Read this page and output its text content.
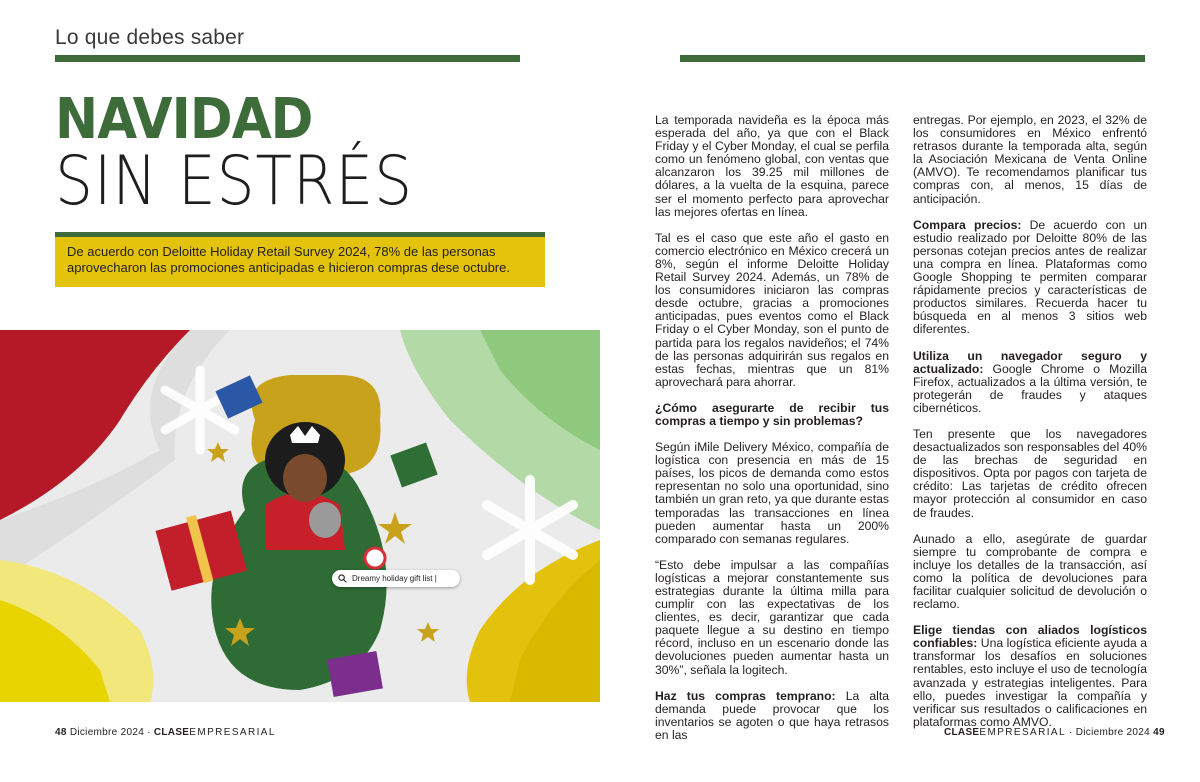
Lo que debes saber
NAVIDAD
SIN ESTRÉS
De acuerdo con Deloitte Holiday Retail Survey 2024, 78% de las personas aprovecharon las promociones anticipadas e hicieron compras dese octubre.
Dreamy holiday gift list |

La temporada navideña es la época más esperada del año, ya que con el Black Friday y el Cyber Monday, el cual se perfila como un fenómeno global, con ventas que alcanzaron los 39.25 mil millones de dólares, a la vuelta de la esquina, parece ser el momento perfecto para aprovechar las mejores ofertas en línea.

Tal es el caso que este año el gasto en comercio electrónico en México crecerá un 8%, según el informe Deloitte Holiday Retail Survey 2024. Además, un 78% de los consumidores iniciaron las compras desde octubre, gracias a promociones anticipadas, pues eventos como el Black Friday o el Cyber Monday, son el punto de partida para los regalos navideños; el 74% de las personas adquirirán sus regalos en estas fechas, mientras que un 81% aprovechará para ahorrar.

¿Cómo asegurarte de recibir tus compras a tiempo y sin problemas?

Según iMile Delivery México, compañía de logística con presencia en más de 15 países, los picos de demanda como estos representan no solo una oportunidad, sino también un gran reto, ya que durante estas temporadas las transacciones en línea pueden aumentar hasta un 200% comparado con semanas regulares.

“Esto debe impulsar a las compañías logísticas a mejorar constantemente sus estrategias durante la última milla para cumplir con las expectativas de los clientes, es decir, garantizar que cada paquete llegue a su destino en tiempo récord, incluso en un escenario donde las devoluciones pueden aumentar hasta un 30%”, señala la logitech.

Haz tus compras temprano: La alta demanda puede provocar que los inventarios se agoten o que haya retrasos en las

entregas. Por ejemplo, en 2023, el 32% de los consumidores en México enfrentó retrasos durante la temporada alta, según la Asociación Mexicana de Venta Online (AMVO). Te recomendamos planificar tus compras con, al menos, 15 días de anticipación.

Compara precios: De acuerdo con un estudio realizado por Deloitte 80% de las personas cotejan precios antes de realizar una compra en línea. Plataformas como Google Shopping te permiten comparar rápidamente precios y características de productos similares. Recuerda hacer tu búsqueda en al menos 3 sitios web diferentes.

Utiliza un navegador seguro y actualizado: Google Chrome o Mozilla Firefox, actualizados a la última versión, te protegerán de fraudes y ataques cibernéticos.

Ten presente que los navegadores desactualizados son responsables del 40% de las brechas de seguridad en dispositivos. Opta por pagos con tarjeta de crédito: Las tarjetas de crédito ofrecen mayor protección al consumidor en caso de fraudes.

Aunado a ello, asegúrate de guardar siempre tu comprobante de compra e incluye los detalles de la transacción, así como la política de devoluciones para facilitar cualquier solicitud de devolución o reclamo.

Elige tiendas con aliados logísticos confiables: Una logística eficiente ayuda a transformar los desafíos en soluciones rentables, esto incluye el uso de tecnología avanzada y estrategias inteligentes. Para ello, puedes investigar la compañía y verificar sus resultados o calificaciones en plataformas como AMVO.

48 Diciembre 2024 · CLASEEMPRESARIAL	CLASEEMPRESARIAL · Diciembre 2024 49
